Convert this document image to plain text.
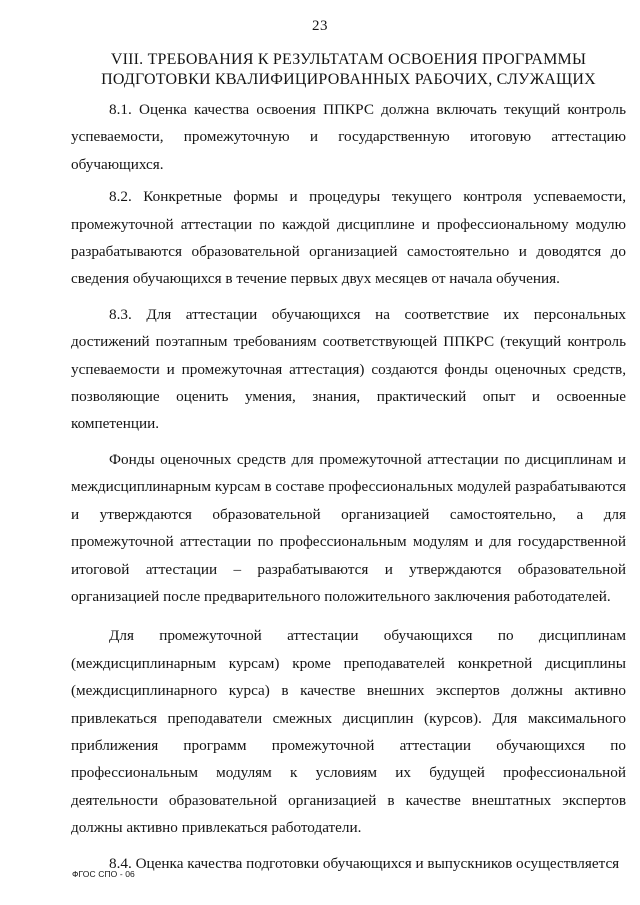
23
VIII. ТРЕБОВАНИЯ К РЕЗУЛЬТАТАМ ОСВОЕНИЯ ПРОГРАММЫ
ПОДГОТОВКИ КВАЛИФИЦИРОВАННЫХ РАБОЧИХ, СЛУЖАЩИХ

8.1. Оценка качества освоения ППКРС должна включать текущий контроль успеваемости, промежуточную и государственную итоговую аттестацию обучающихся.

8.2. Конкретные формы и процедуры текущего контроля успеваемости, промежуточной аттестации по каждой дисциплине и профессиональному модулю разрабатываются образовательной организацией самостоятельно и доводятся до сведения обучающихся в течение первых двух месяцев от начала обучения.

8.3. Для аттестации обучающихся на соответствие их персональных достижений поэтапным требованиям соответствующей ППКРС (текущий контроль успеваемости и промежуточная аттестация) создаются фонды оценочных средств, позволяющие оценить умения, знания, практический опыт и освоенные компетенции.

Фонды оценочных средств для промежуточной аттестации по дисциплинам и междисциплинарным курсам в составе профессиональных модулей разрабатываются и утверждаются образовательной организацией самостоятельно, а для промежуточной аттестации по профессиональным модулям и для государственной итоговой аттестации – разрабатываются и утверждаются образовательной организацией после предварительного положительного заключения работодателей.

Для промежуточной аттестации обучающихся по дисциплинам (междисциплинарным курсам) кроме преподавателей конкретной дисциплины (междисциплинарного курса) в качестве внешних экспертов должны активно привлекаться преподаватели смежных дисциплин (курсов). Для максимального приближения программ промежуточной аттестации обучающихся по профессиональным модулям к условиям их будущей профессиональной деятельности образовательной организацией в качестве внештатных экспертов должны активно привлекаться работодатели.

8.4. Оценка качества подготовки обучающихся и выпускников осуществляется

ФГОС СПО - 06
